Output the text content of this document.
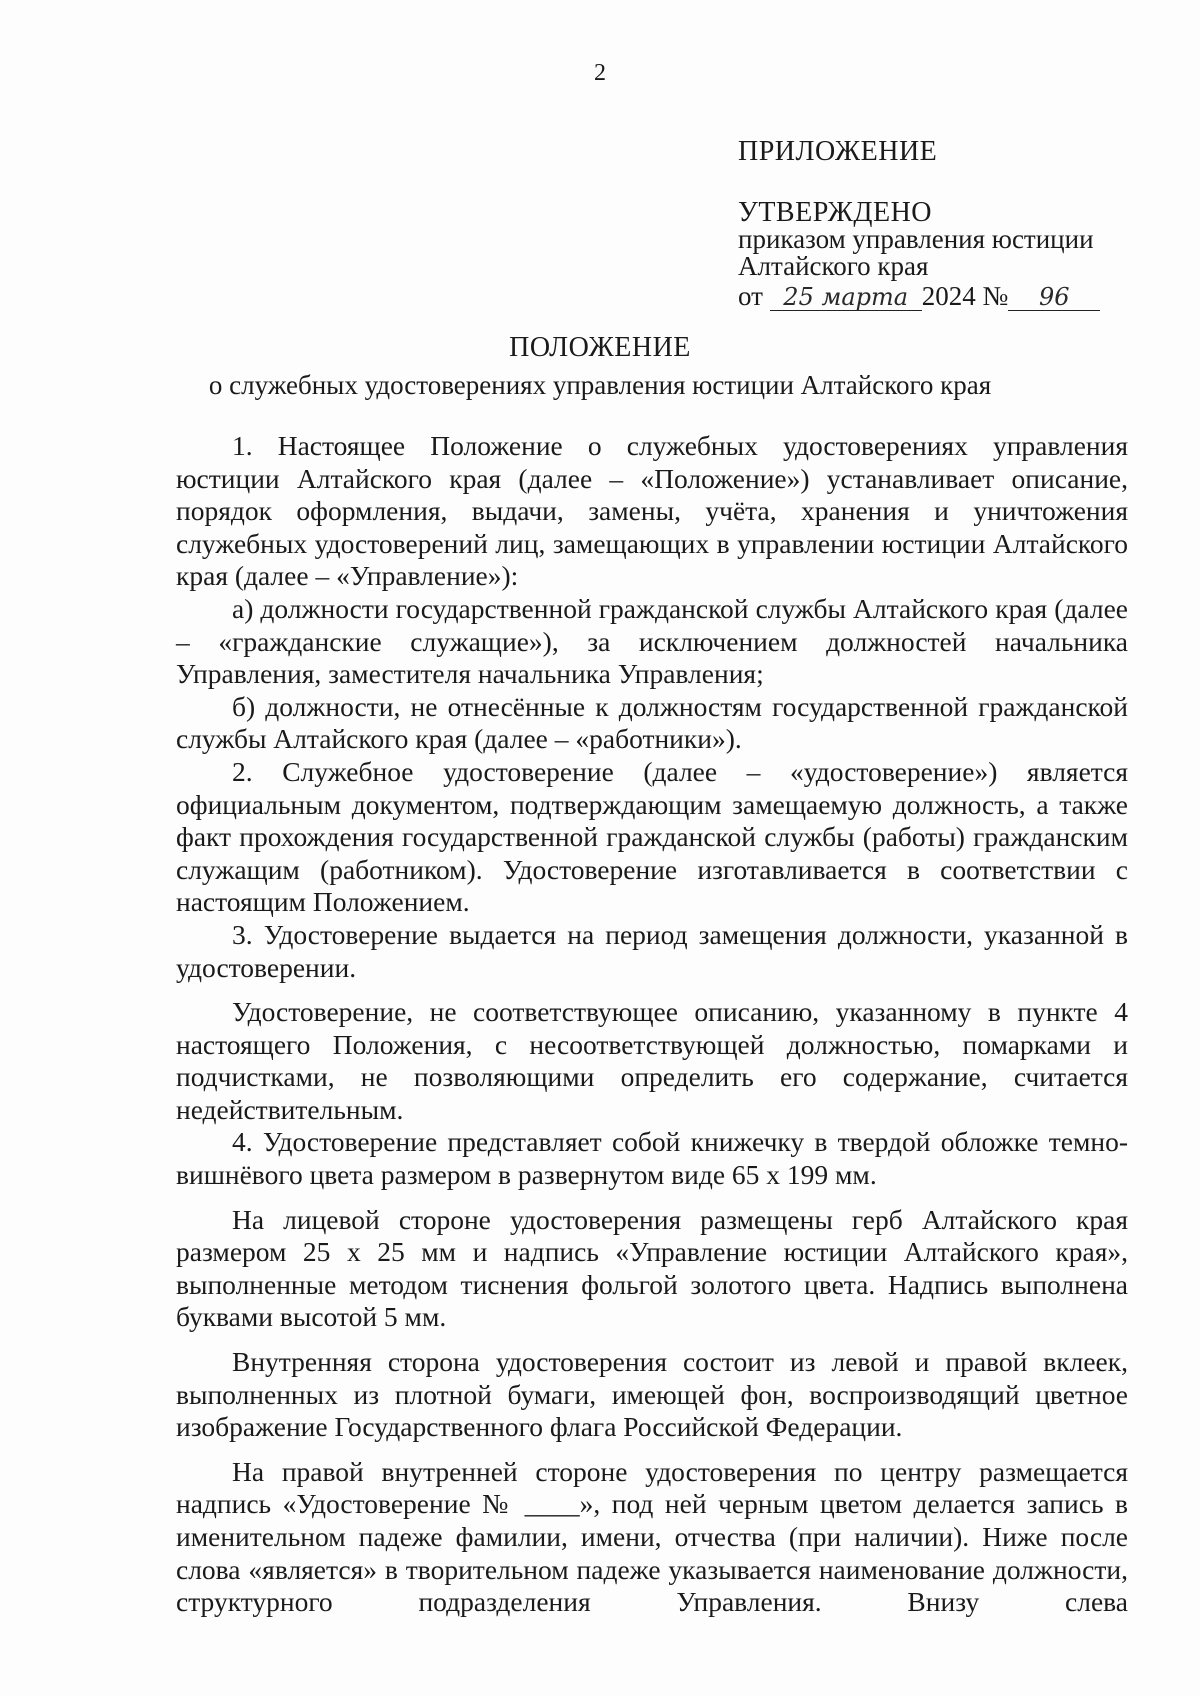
2
ПРИЛОЖЕНИЕ
УТВЕРЖДЕНО
приказом управления юстиции
Алтайского края
от 25 марта 2024 № 96
ПОЛОЖЕНИЕ
о служебных удостоверениях управления юстиции Алтайского края

1. Настоящее Положение о служебных удостоверениях управления юстиции Алтайского края (далее – «Положение») устанавливает описание, порядок оформления, выдачи, замены, учёта, хранения и уничтожения служебных удостоверений лиц, замещающих в управлении юстиции Алтайского края (далее – «Управление»):

а) должности государственной гражданской службы Алтайского края (далее – «гражданские служащие»), за исключением должностей начальника Управления, заместителя начальника Управления;

б) должности, не отнесённые к должностям государственной гражданской службы Алтайского края (далее – «работники»).

2. Служебное удостоверение (далее – «удостоверение») является официальным документом, подтверждающим замещаемую должность, а также факт прохождения государственной гражданской службы (работы) гражданским служащим (работником). Удостоверение изготавливается в соответствии с настоящим Положением.

3. Удостоверение выдается на период замещения должности, указанной в удостоверении.

Удостоверение, не соответствующее описанию, указанному в пункте 4 настоящего Положения, с несоответствующей должностью, помарками и подчистками, не позволяющими определить его содержание, считается недействительным.

4. Удостоверение представляет собой книжечку в твердой обложке темно-вишнёвого цвета размером в развернутом виде 65 х 199 мм.

На лицевой стороне удостоверения размещены герб Алтайского края размером 25 х 25 мм и надпись «Управление юстиции Алтайского края», выполненные методом тиснения фольгой золотого цвета. Надпись выполнена буквами высотой 5 мм.

Внутренняя сторона удостоверения состоит из левой и правой вклеек, выполненных из плотной бумаги, имеющей фон, воспроизводящий цветное изображение Государственного флага Российской Федерации.

На правой внутренней стороне удостоверения по центру размещается надпись «Удостоверение № ____», под ней черным цветом делается запись в именительном падеже фамилии, имени, отчества (при наличии). Ниже после слова «является» в творительном падеже указывается наименование должности, структурного подразделения Управления. Внизу слева
